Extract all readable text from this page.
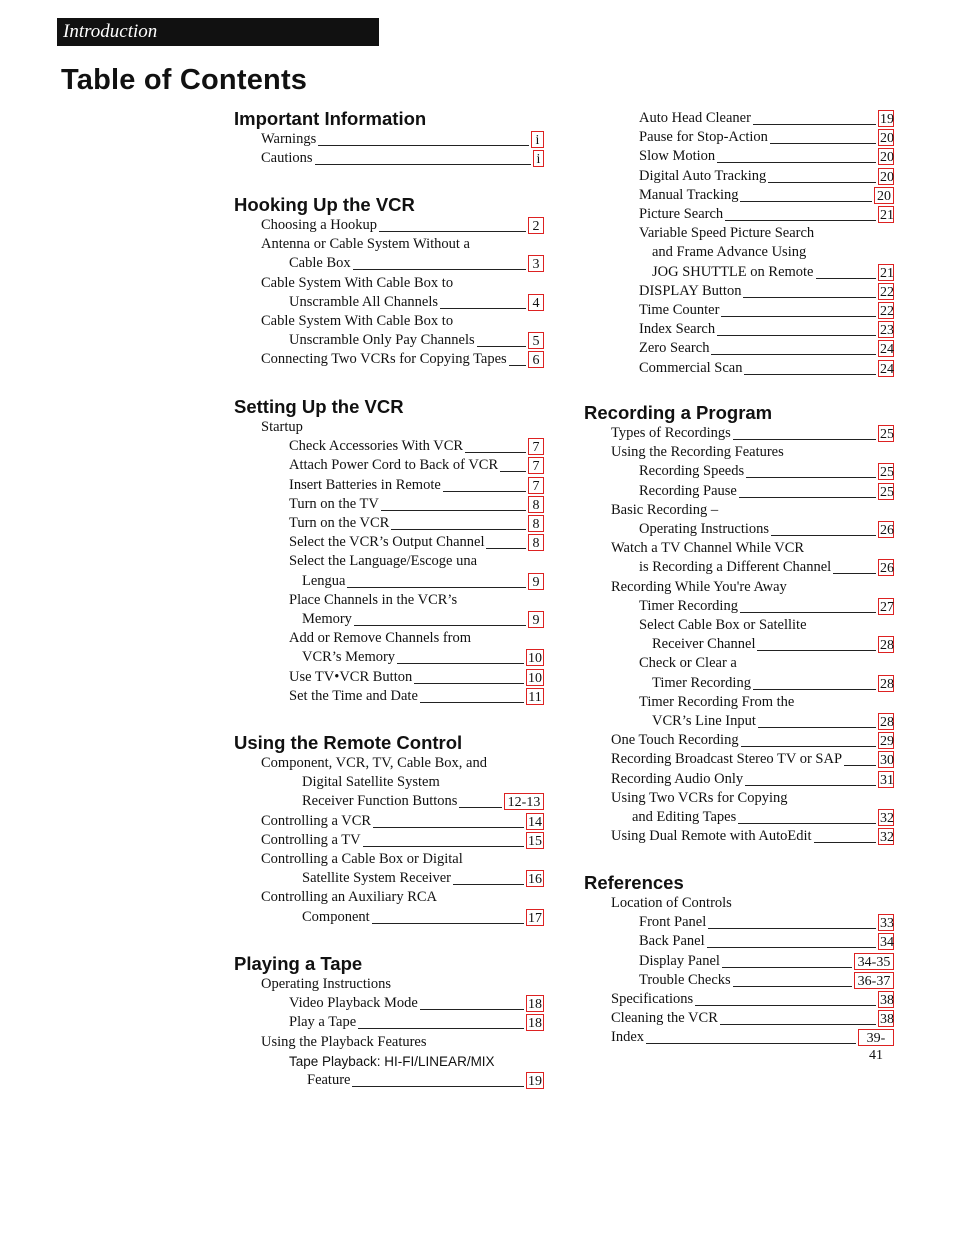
Introduction
Table of Contents
Important Information
Warnings	i
Cautions	i
Hooking Up the VCR
Choosing a Hookup	2
Antenna or Cable System Without a
Cable Box	3
Cable System With Cable Box to
Unscramble All Channels	4
Cable System With Cable Box to
Unscramble Only Pay Channels	5
Connecting Two VCRs for Copying Tapes	6
Setting Up the VCR
Startup
Check Accessories With VCR	7
Attach Power Cord to Back of VCR	7
Insert Batteries in Remote	7
Turn on the TV	8
Turn on the VCR	8
Select the VCR’s Output Channel	8
Select the Language/Escoge una
Lengua	9
Place Channels in the VCR’s
Memory	9
Add or Remove Channels from
VCR’s Memory	10
Use TV•VCR Button	10
Set the Time and Date	11
Using the Remote Control
Component, VCR, TV, Cable Box, and
Digital Satellite System
Receiver Function Buttons	12-13
Controlling a VCR	14
Controlling a TV	15
Controlling a Cable Box or Digital
Satellite System Receiver	16
Controlling an Auxiliary RCA
Component	17
Playing a Tape
Operating Instructions
Video Playback Mode	18
Play a Tape	18
Using the Playback Features
Tape Playback: HI-FI/LINEAR/MIX
Feature	19
Auto Head Cleaner	19
Pause for Stop-Action	20
Slow Motion	20
Digital Auto Tracking	20
Manual Tracking	20
Picture Search	21
Variable Speed Picture Search
and Frame Advance Using
JOG SHUTTLE on Remote	21
DISPLAY Button	22
Time Counter	22
Index Search	23
Zero Search	24
Commercial Scan	24
Recording a Program
Types of Recordings	25
Using the Recording Features
Recording Speeds	25
Recording Pause	25
Basic Recording –
Operating Instructions	26
Watch a TV Channel While VCR
is Recording a Different Channel	26
Recording While You're Away
Timer Recording	27
Select Cable Box or Satellite
Receiver Channel	28
Check or Clear a
Timer Recording	28
Timer Recording From the
VCR’s Line Input	28
One Touch Recording	29
Recording Broadcast Stereo TV or SAP	30
Recording Audio Only	31
Using Two VCRs for Copying
and Editing Tapes	32
Using Dual Remote with AutoEdit	32
References
Location of Controls
Front Panel	33
Back Panel	34
Display Panel	34-35
Trouble Checks	36-37
Specifications	38
Cleaning the VCR	38
Index	39-41
